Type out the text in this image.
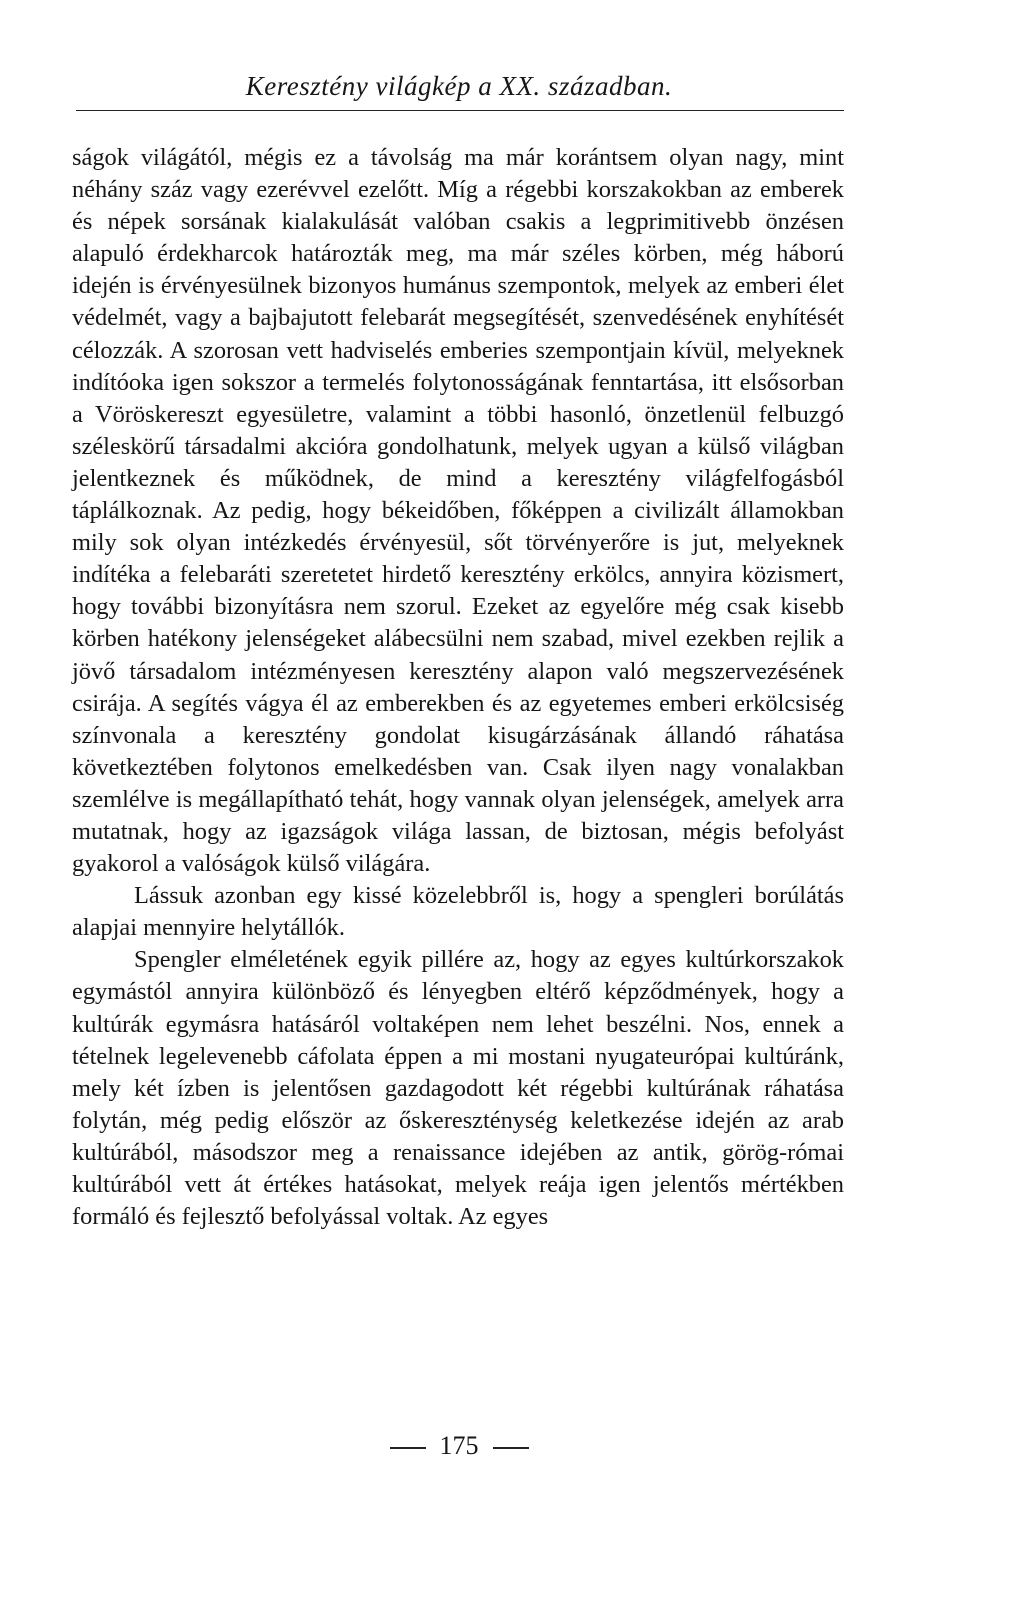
Keresztény világkép a XX. században.

ságok világától, mégis ez a távolság ma már korántsem olyan nagy, mint néhány száz vagy ezerévvel ezelőtt. Míg a régebbi korszakokban az emberek és népek sorsának kialakulását valóban csakis a legprimitivebb önzésen alapuló érdekharcok határozták meg, ma már széles körben, még háború idején is érvényesülnek bizonyos humánus szempontok, melyek az emberi élet védelmét, vagy a bajbajutott felebarát megsegítését, szenvedésének enyhítését célozzák. A szorosan vett hadviselés emberies szempontjain kívül, melyeknek indítóoka igen sokszor a termelés folytonosságának fenntartása, itt elsősorban a Vöröskereszt egyesületre, valamint a többi hasonló, önzetlenül felbuzgó széleskörű társadalmi akcióra gondolhatunk, melyek ugyan a külső világban jelentkeznek és működnek, de mind a keresztény világfelfogásból táplálkoznak. Az pedig, hogy békeidőben, főképpen a civilizált államokban mily sok olyan intézkedés érvényesül, sőt törvényerőre is jut, melyeknek indítéka a felebaráti szeretetet hirdető keresztény erkölcs, annyira közismert, hogy további bizonyításra nem szorul. Ezeket az egyelőre még csak kisebb körben hatékony jelenségeket alábecsülni nem szabad, mivel ezekben rejlik a jövő társadalom intézményesen keresztény alapon való megszervezésének csirája. A segítés vágya él az emberekben és az egyetemes emberi erkölcsiség színvonala a keresztény gondolat kisugárzásának állandó ráhatása következtében folytonos emelkedésben van. Csak ilyen nagy vonalakban szemlélve is megállapítható tehát, hogy vannak olyan jelenségek, amelyek arra mutatnak, hogy az igazságok világa lassan, de biztosan, mégis befolyást gyakorol a valóságok külső világára.

Lássuk azonban egy kissé közelebbről is, hogy a spengleri borúlátás alapjai mennyire helytállók.

Spengler elméletének egyik pillére az, hogy az egyes kultúrkorszakok egymástól annyira különböző és lényegben eltérő képződmények, hogy a kultúrák egymásra hatásáról voltaképen nem lehet beszélni. Nos, ennek a tételnek legelevenebb cáfolata éppen a mi mostani nyugateurópai kultúránk, mely két ízben is jelentősen gazdagodott két régebbi kultúrának ráhatása folytán, még pedig először az őskereszténység keletkezése idején az arab kultúrából, másodszor meg a renaissance idejében az antik, görög-római kultúrából vett át értékes hatásokat, melyek reája igen jelentős mértékben formáló és fejlesztő befolyással voltak. Az egyes

175
